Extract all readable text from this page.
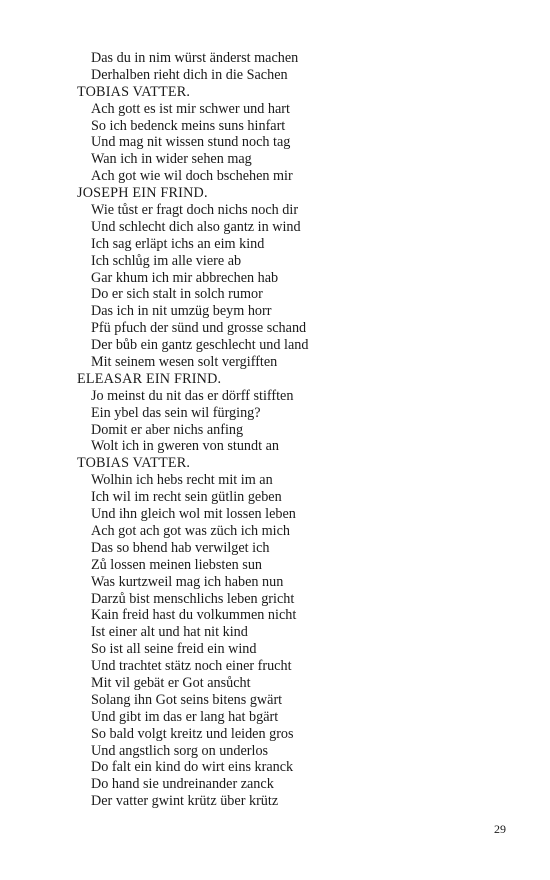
Das du in nim würst änderst machen
Derhalben rieht dich in die Sachen
TOBIAS VATTER.
Ach gott es ist mir schwer und hart
So ich bedenck meins suns hinfart
Und mag nit wissen stund noch tag
Wan ich in wider sehen mag
Ach got wie wil doch bschehen mir
JOSEPH EIN FRIND.
Wie tůst er fragt doch nichs noch dir
Und schlecht dich also gantz in wind
Ich sag erläpt ichs an eim kind
Ich schlůg im alle viere ab
Gar khum ich mir abbrechen hab
Do er sich stalt in solch rumor
Das ich in nit umzüg beym horr
Pfü pfuch der sünd und grosse schand
Der bůb ein gantz geschlecht und land
Mit seinem wesen solt vergifften
ELEASAR EIN FRIND.
Jo meinst du nit das er dörff stifften
Ein ybel das sein wil fürging?
Domit er aber nichs anfing
Wolt ich in gweren von stundt an
TOBIAS VATTER.
Wolhin ich hebs recht mit im an
Ich wil im recht sein gütlin geben
Und ihn gleich wol mit lossen leben
Ach got ach got was züch ich mich
Das so bhend hab verwilget ich
Zů lossen meinen liebsten sun
Was kurtzweil mag ich haben nun
Darzů bist menschlichs leben gricht
Kain freid hast du volkummen nicht
Ist einer alt und hat nit kind
So ist all seine freid ein wind
Und trachtet stätz noch einer frucht
Mit vil gebät er Got ansůcht
Solang ihn Got seins bitens gwärt
Und gibt im das er lang hat bgärt
So bald volgt kreitz und leiden gros
Und angstlich sorg on underlos
Do falt ein kind do wirt eins kranck
Do hand sie undreinander zanck
Der vatter gwint krütz über krütz
29
